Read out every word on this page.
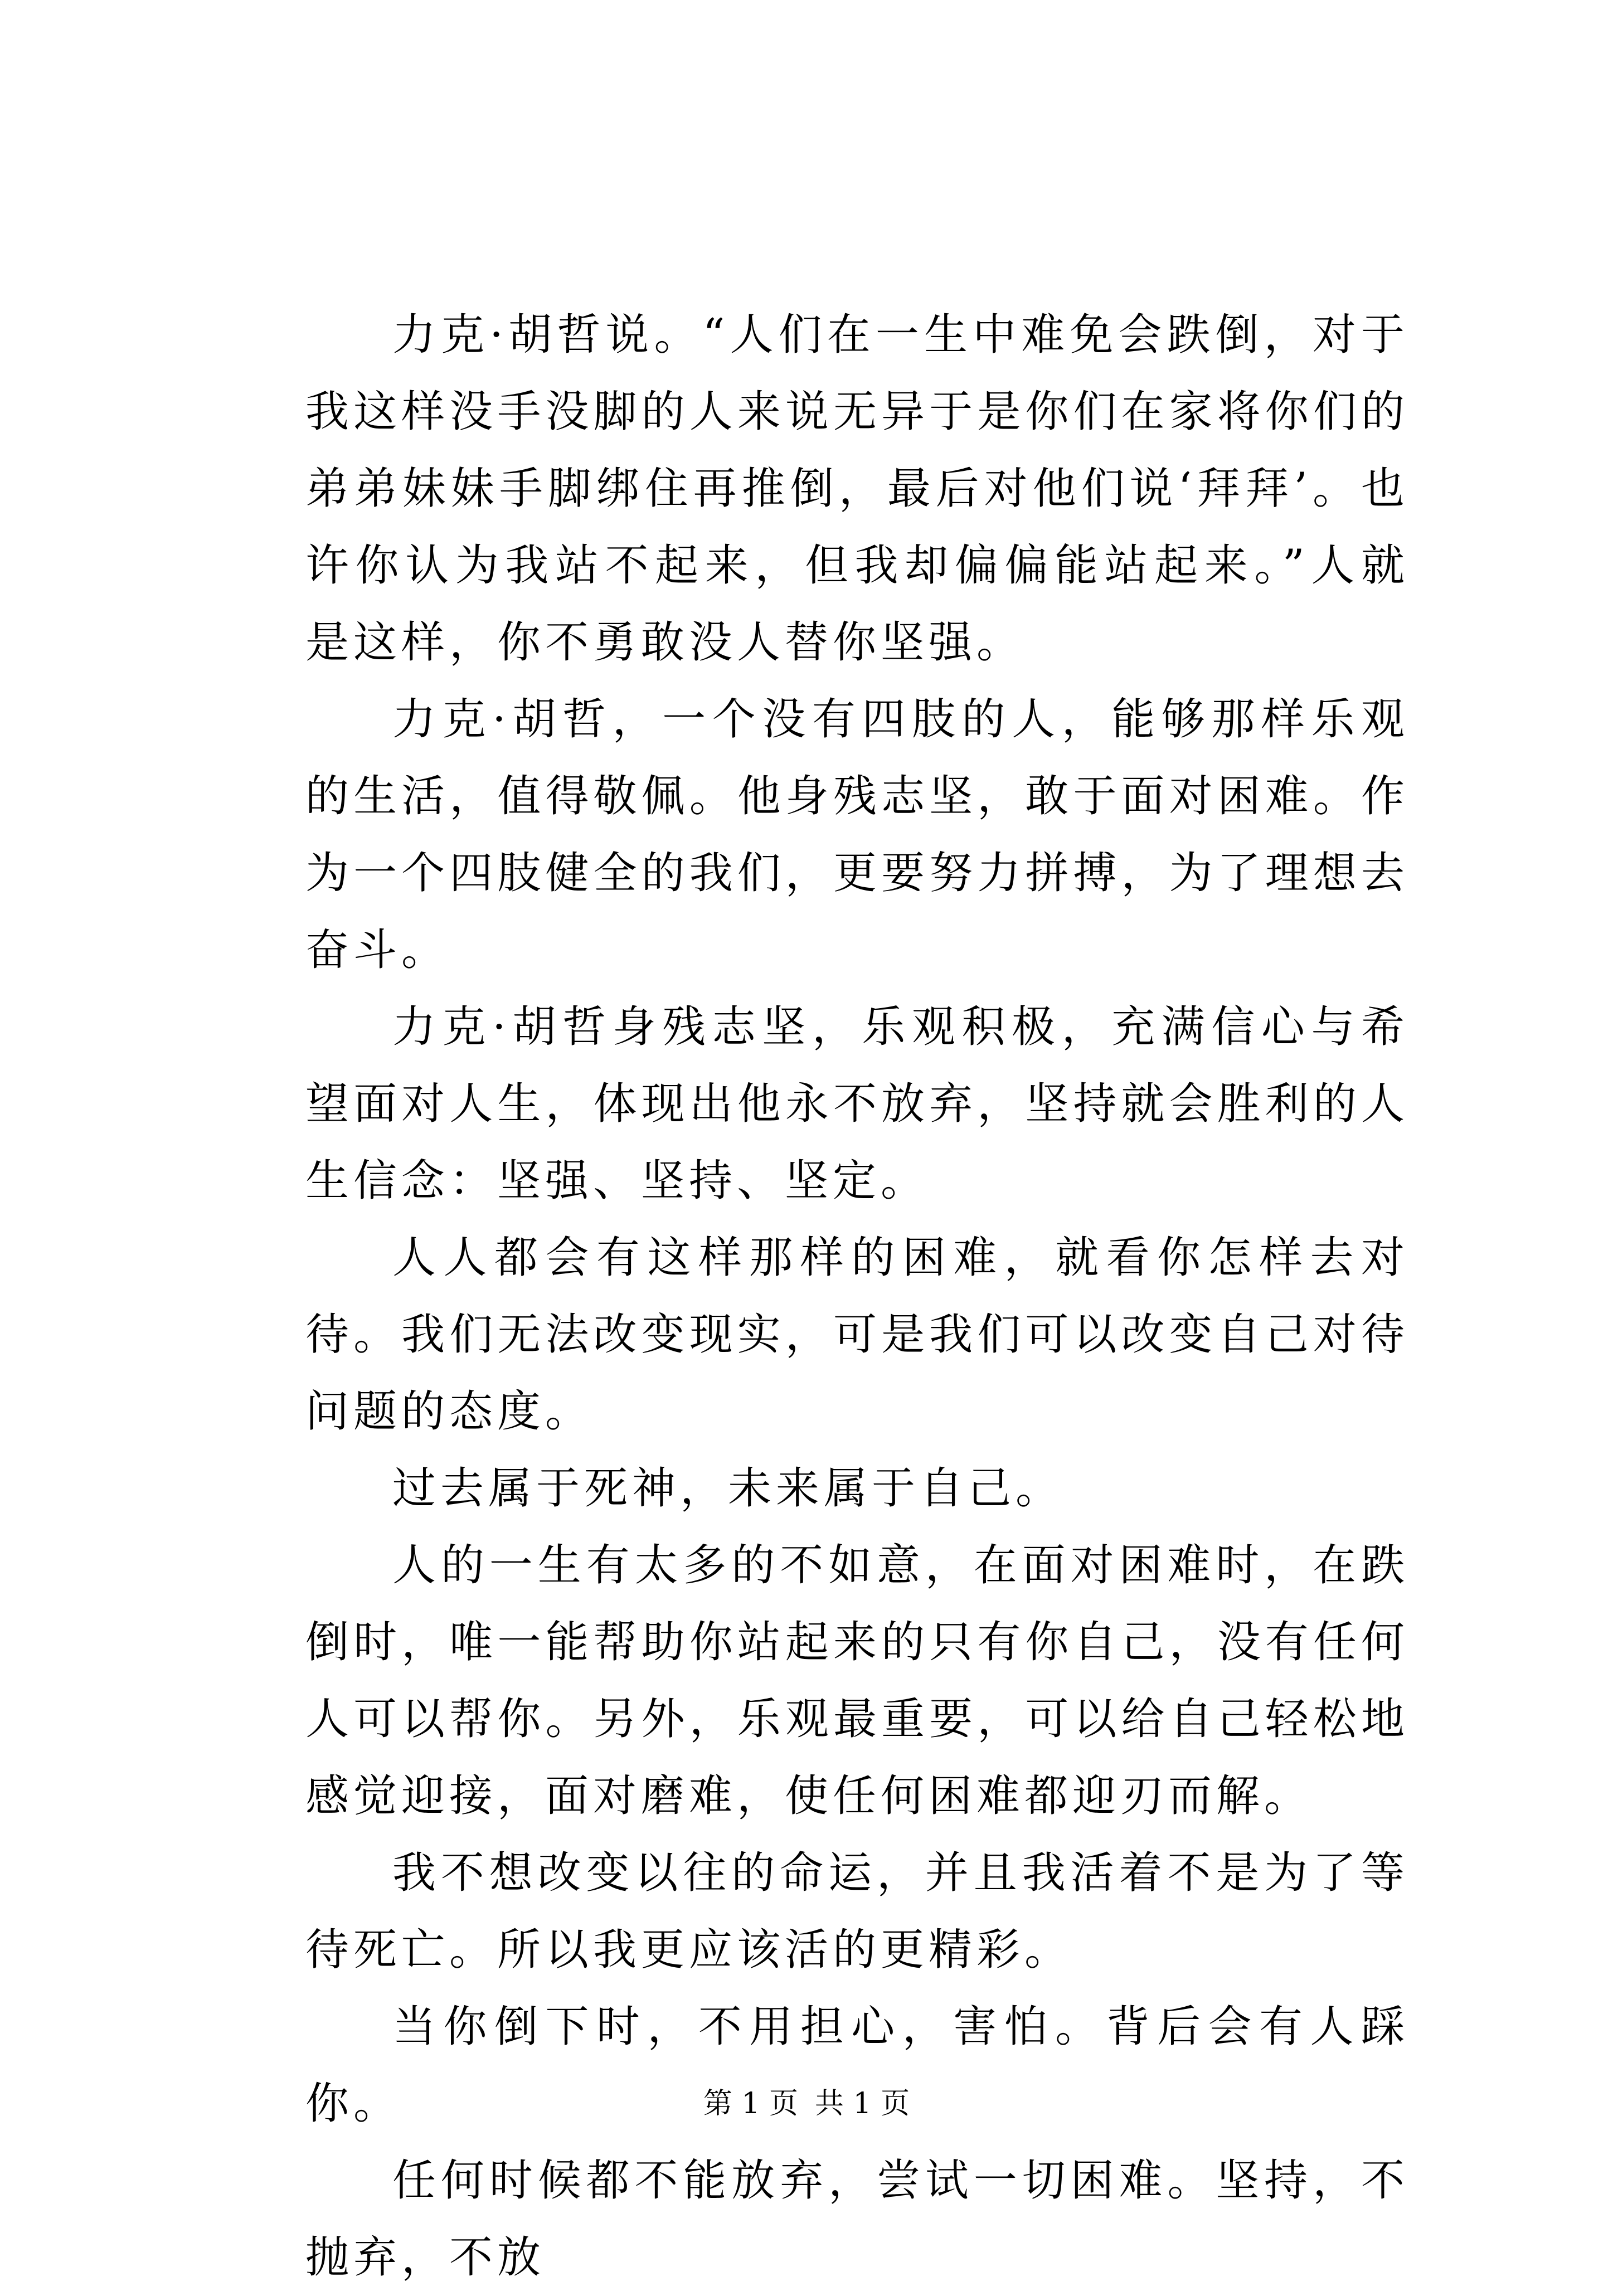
力克·胡哲说。“人们在一生中难免会跌倒，对于我这样没手没脚的人来说无异于是你们在家将你们的弟弟妹妹手脚绑住再推倒，最后对他们说‘拜拜’。也许你认为我站不起来，但我却偏偏能站起来。”人就是这样，你不勇敢没人替你坚强。

力克·胡哲，一个没有四肢的人，能够那样乐观的生活，值得敬佩。他身残志坚，敢于面对困难。作为一个四肢健全的我们，更要努力拼搏，为了理想去奋斗。

力克·胡哲身残志坚，乐观积极，充满信心与希望面对人生，体现出他永不放弃，坚持就会胜利的人生信念：坚强、坚持、坚定。

人人都会有这样那样的困难，就看你怎样去对待。我们无法改变现实，可是我们可以改变自己对待问题的态度。

过去属于死神，未来属于自己。

人的一生有太多的不如意，在面对困难时，在跌倒时，唯一能帮助你站起来的只有你自己，没有任何人可以帮你。另外，乐观最重要，可以给自己轻松地感觉迎接，面对磨难，使任何困难都迎刃而解。

我不想改变以往的命运，并且我活着不是为了等待死亡。所以我更应该活的更精彩。

当你倒下时，不用担心，害怕。背后会有人踩你。

任何时候都不能放弃，尝试一切困难。坚持，不抛弃，不放

第 1 页 共 1 页
